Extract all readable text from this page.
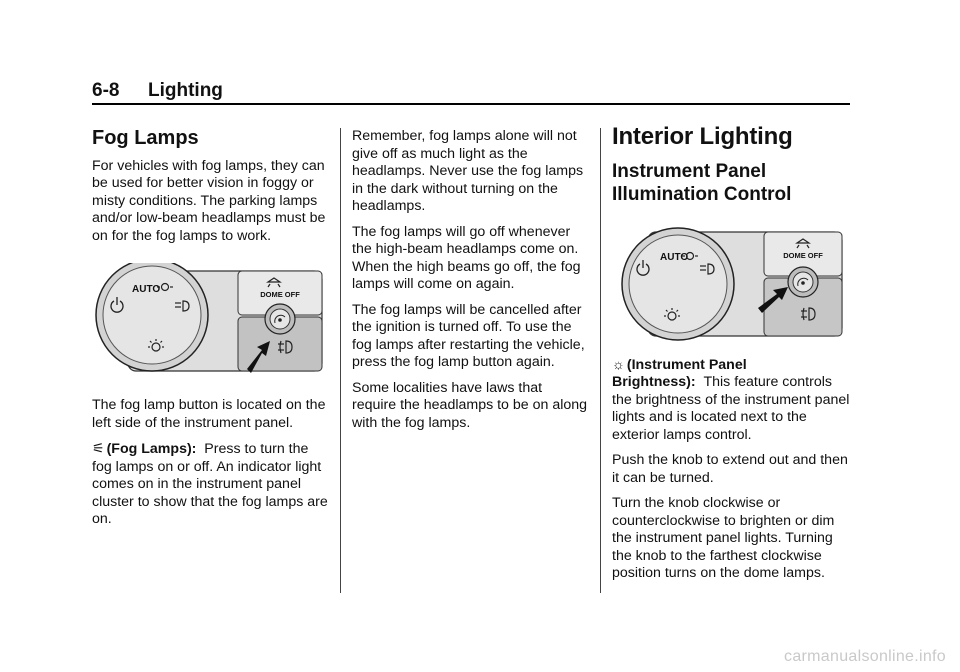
6-8 Lighting
Fog Lamps

For vehicles with fog lamps, they can be used for better vision in foggy or misty conditions. The parking lamps and/or low-beam headlamps must be on for the fog lamps to work.

AUTO	DOME OFF

The fog lamp button is located on the left side of the instrument panel.

⚟ (Fog Lamps): Press to turn the fog lamps on or off. An indicator light comes on in the instrument panel cluster to show that the fog lamps are on.

Remember, fog lamps alone will not give off as much light as the headlamps. Never use the fog lamps in the dark without turning on the headlamps.

The fog lamps will go off whenever the high-beam headlamps come on. When the high beams go off, the fog lamps will come on again.

The fog lamps will be cancelled after the ignition is turned off. To use the fog lamps after restarting the vehicle, press the fog lamp button again.

Some localities have laws that require the headlamps to be on along with the fog lamps.

Interior Lighting
Instrument Panel Illumination Control
AUTO	DOME OFF

☼ (Instrument Panel Brightness): This feature controls the brightness of the instrument panel lights and is located next to the exterior lamps control.

Push the knob to extend out and then it can be turned.

Turn the knob clockwise or counterclockwise to brighten or dim the instrument panel lights. Turning the knob to the farthest clockwise position turns on the dome lamps.

carmanualsonline.info
